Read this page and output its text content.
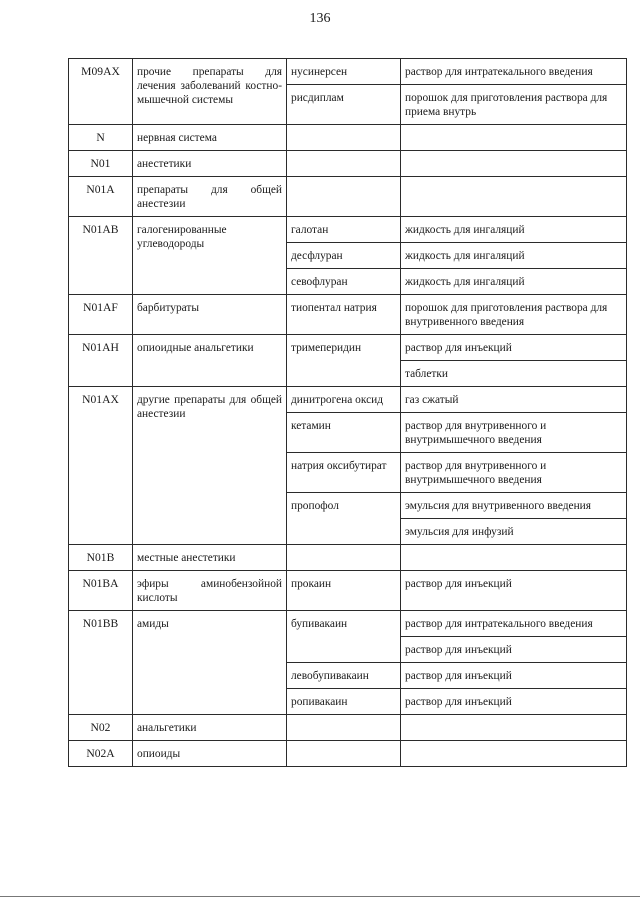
136
M09AX	прочие препараты для лечения заболеваний костно-мышечной системы	нусинерсен	раствор для интратекального введения
		рисдиплам	порошок для приготовления раствора для приема внутрь
N	нервная система		
N01	анестетики		
N01A	препараты для общей анестезии		
N01AB	галогенированные углеводороды	галотан	жидкость для ингаляций
		десфлуран	жидкость для ингаляций
		севофлуран	жидкость для ингаляций
N01AF	барбитураты	тиопентал натрия	порошок для приготовления раствора для внутривенного введения
N01AH	опиоидные анальгетики	тримеперидин	раствор для инъекций
			таблетки
N01AX	другие препараты для общей анестезии	динитрогена оксид	газ сжатый
		кетамин	раствор для внутривенного и внутримышечного введения
		натрия оксибутират	раствор для внутривенного и внутримышечного введения
		пропофол	эмульсия для внутривенного введения
			эмульсия для инфузий
N01B	местные анестетики		
N01BA	эфиры аминобензойной кислоты	прокаин	раствор для инъекций
N01BB	амиды	бупивакаин	раствор для интратекального введения
			раствор для инъекций
		левобупивакаин	раствор для инъекций
		ропивакаин	раствор для инъекций
N02	анальгетики		
N02A	опиоиды		
